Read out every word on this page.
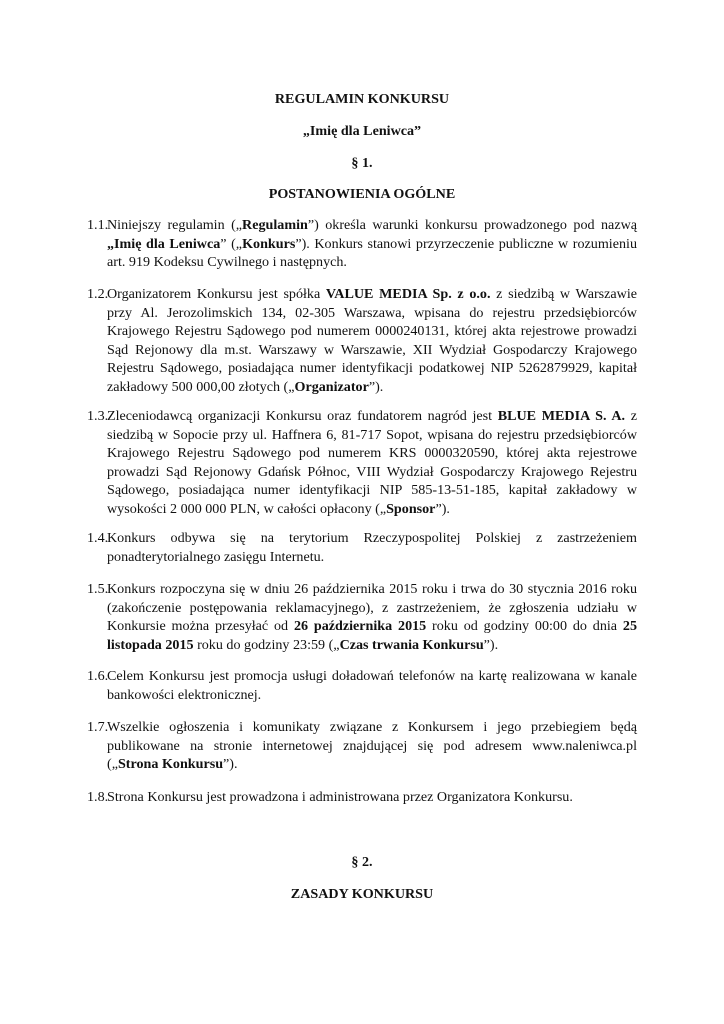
REGULAMIN KONKURSU
„Imię dla Leniwca”
§ 1.
POSTANOWIENIA OGÓLNE
1.1.
Niniejszy regulamin („Regulamin”) określa warunki konkursu prowadzonego pod nazwą „Imię dla Leniwca” („Konkurs”). Konkurs stanowi przyrzeczenie publiczne w rozumieniu art. 919 Kodeksu Cywilnego i następnych.
1.2.
Organizatorem Konkursu jest spółka VALUE MEDIA Sp. z o.o. z siedzibą w Warszawie przy Al. Jerozolimskich 134, 02-305 Warszawa, wpisana do rejestru przedsiębiorców Krajowego Rejestru Sądowego pod numerem 0000240131, której akta rejestrowe prowadzi Sąd Rejonowy dla m.st. Warszawy w Warszawie, XII Wydział Gospodarczy Krajowego Rejestru Sądowego, posiadająca numer identyfikacji podatkowej NIP 5262879929, kapitał zakładowy 500 000,00 złotych („Organizator”).
1.3.
Zleceniodawcą organizacji Konkursu oraz fundatorem nagród jest BLUE MEDIA S. A. z siedzibą w Sopocie przy ul. Haffnera 6, 81-717 Sopot, wpisana do rejestru przedsiębiorców Krajowego Rejestru Sądowego pod numerem KRS 0000320590, której akta rejestrowe prowadzi Sąd Rejonowy Gdańsk Północ, VIII Wydział Gospodarczy Krajowego Rejestru Sądowego, posiadająca numer identyfikacji NIP 585-13-51-185, kapitał zakładowy w wysokości 2 000 000 PLN, w całości opłacony („Sponsor”).
1.4.
Konkurs odbywa się na terytorium Rzeczypospolitej Polskiej z zastrzeżeniem ponadterytorialnego zasięgu Internetu.
1.5.
Konkurs rozpoczyna się w dniu 26 października 2015 roku i trwa do 30 stycznia 2016 roku (zakończenie postępowania reklamacyjnego), z zastrzeżeniem, że zgłoszenia udziału w Konkursie można przesyłać od 26 października 2015 roku od godziny 00:00 do dnia 25 listopada 2015 roku do godziny 23:59 („Czas trwania Konkursu”).
1.6.
Celem Konkursu jest promocja usługi doładowań telefonów na kartę realizowana w kanale bankowości elektronicznej.
1.7.
Wszelkie ogłoszenia i komunikaty związane z Konkursem i jego przebiegiem będą publikowane na stronie internetowej znajdującej się pod adresem www.naleniwca.pl („Strona Konkursu”).
1.8.
Strona Konkursu jest prowadzona i administrowana przez Organizatora Konkursu.
§ 2.
ZASADY KONKURSU
